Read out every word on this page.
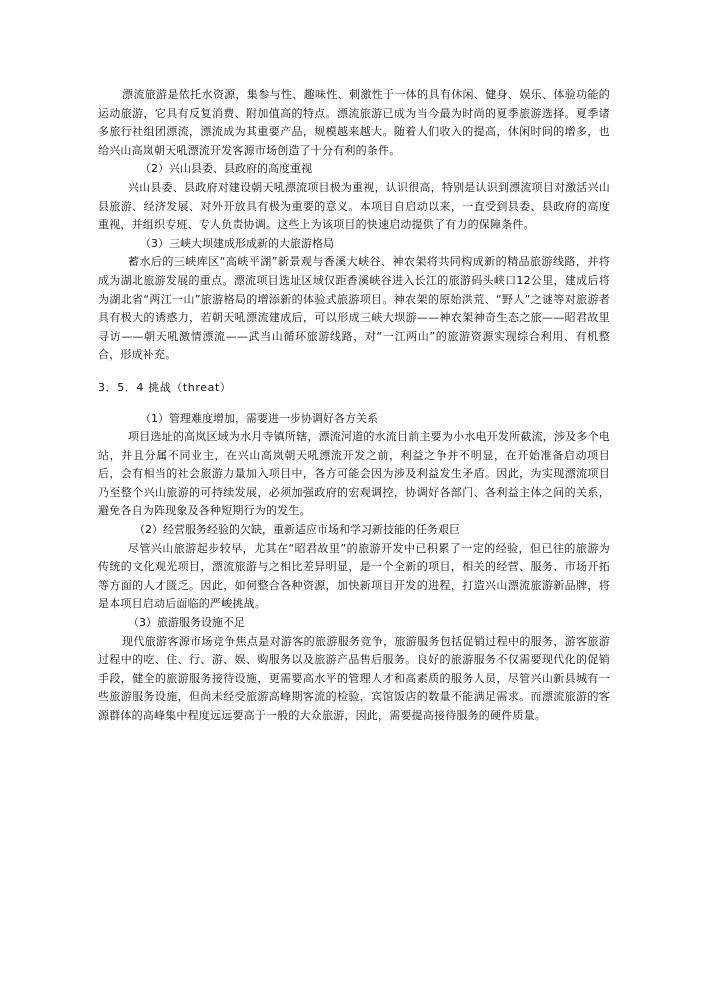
漂流旅游是依托水资源，集参与性、趣味性、刺激性于一体的具有休闲、健身、娱乐、体验功能的运动旅游，它具有反复消费、附加值高的特点。漂流旅游已成为当今最为时尚的夏季旅游选择。夏季诸多旅行社组团漂流，漂流成为其重要产品，规模越来越大。随着人们收入的提高，休闲时间的增多，也给兴山高岚朝天吼漂流开发客源市场创造了十分有利的条件。

（2）兴山县委、县政府的高度重视

兴山县委、县政府对建设朝天吼漂流项目极为重视，认识很高，特别是认识到漂流项目对激活兴山县旅游、经济发展、对外开放具有极为重要的意义。本项目自启动以来，一直受到县委、县政府的高度重视，并组织专班、专人负责协调。这些上为该项目的快速启动提供了有力的保障条件。

（3）三峡大坝建成形成新的大旅游格局

蓄水后的三峡库区“高峡平湖”新景观与香溪大峡谷、神农架将共同构成新的精品旅游线路，并将成为湖北旅游发展的重点。漂流项目选址区域仅距香溪峡谷进入长江的旅游码头峡口12公里，建成后将为湖北省“两江一山”旅游格局的增添新的体验式旅游项目。神农架的原始洪荒、“野人”之谜等对旅游者具有极大的诱惑力，若朝天吼漂流建成后，可以形成三峡大坝游——神农架神奇生态之旅——昭君故里寻访——朝天吼激情漂流——武当山循环旅游线路，对“一江两山”的旅游资源实现综合利用、有机整合，形成补充。

3．5．4 挑战（threat）

（1）管理难度增加，需要进一步协调好各方关系

项目选址的高岚区域为水月寺镇所辖，漂流河道的水流目前主要为小水电开发所截流，涉及多个电站，并且分属不同业主，在兴山高岚朝天吼漂流开发之前，利益之争并不明显，在开始准备启动项目后，会有相当的社会旅游力量加入项目中，各方可能会因为涉及利益发生矛盾。因此，为实现漂流项目乃至整个兴山旅游的可持续发展，必须加强政府的宏观调控，协调好各部门、各利益主体之间的关系，避免各自为阵现象及各种短期行为的发生。

（2）经营服务经验的欠缺，重新适应市场和学习新技能的任务艰巨

尽管兴山旅游起步较早，尤其在“昭君故里”的旅游开发中已积累了一定的经验，但已往的旅游为传统的文化观光项目，漂流旅游与之相比差异明显，是一个全新的项目，相关的经营、服务、市场开拓等方面的人才匮乏。因此，如何整合各种资源，加快新项目开发的进程，打造兴山漂流旅游新品牌，将是本项目启动后面临的严峻挑战。

（3）旅游服务设施不足

现代旅游客源市场竞争焦点是对游客的旅游服务竞争，旅游服务包括促销过程中的服务，游客旅游过程中的吃、住、行、游、娱、购服务以及旅游产品售后服务。良好的旅游服务不仅需要现代化的促销手段，健全的旅游服务接待设施，更需要高水平的管理人才和高素质的服务人员，尽管兴山新县城有一些旅游服务设施，但尚未经受旅游高峰期客流的检验，宾馆饭店的数量不能满足需求。而漂流旅游的客源群体的高峰集中程度远远要高于一般的大众旅游，因此，需要提高接待服务的硬件质量。
